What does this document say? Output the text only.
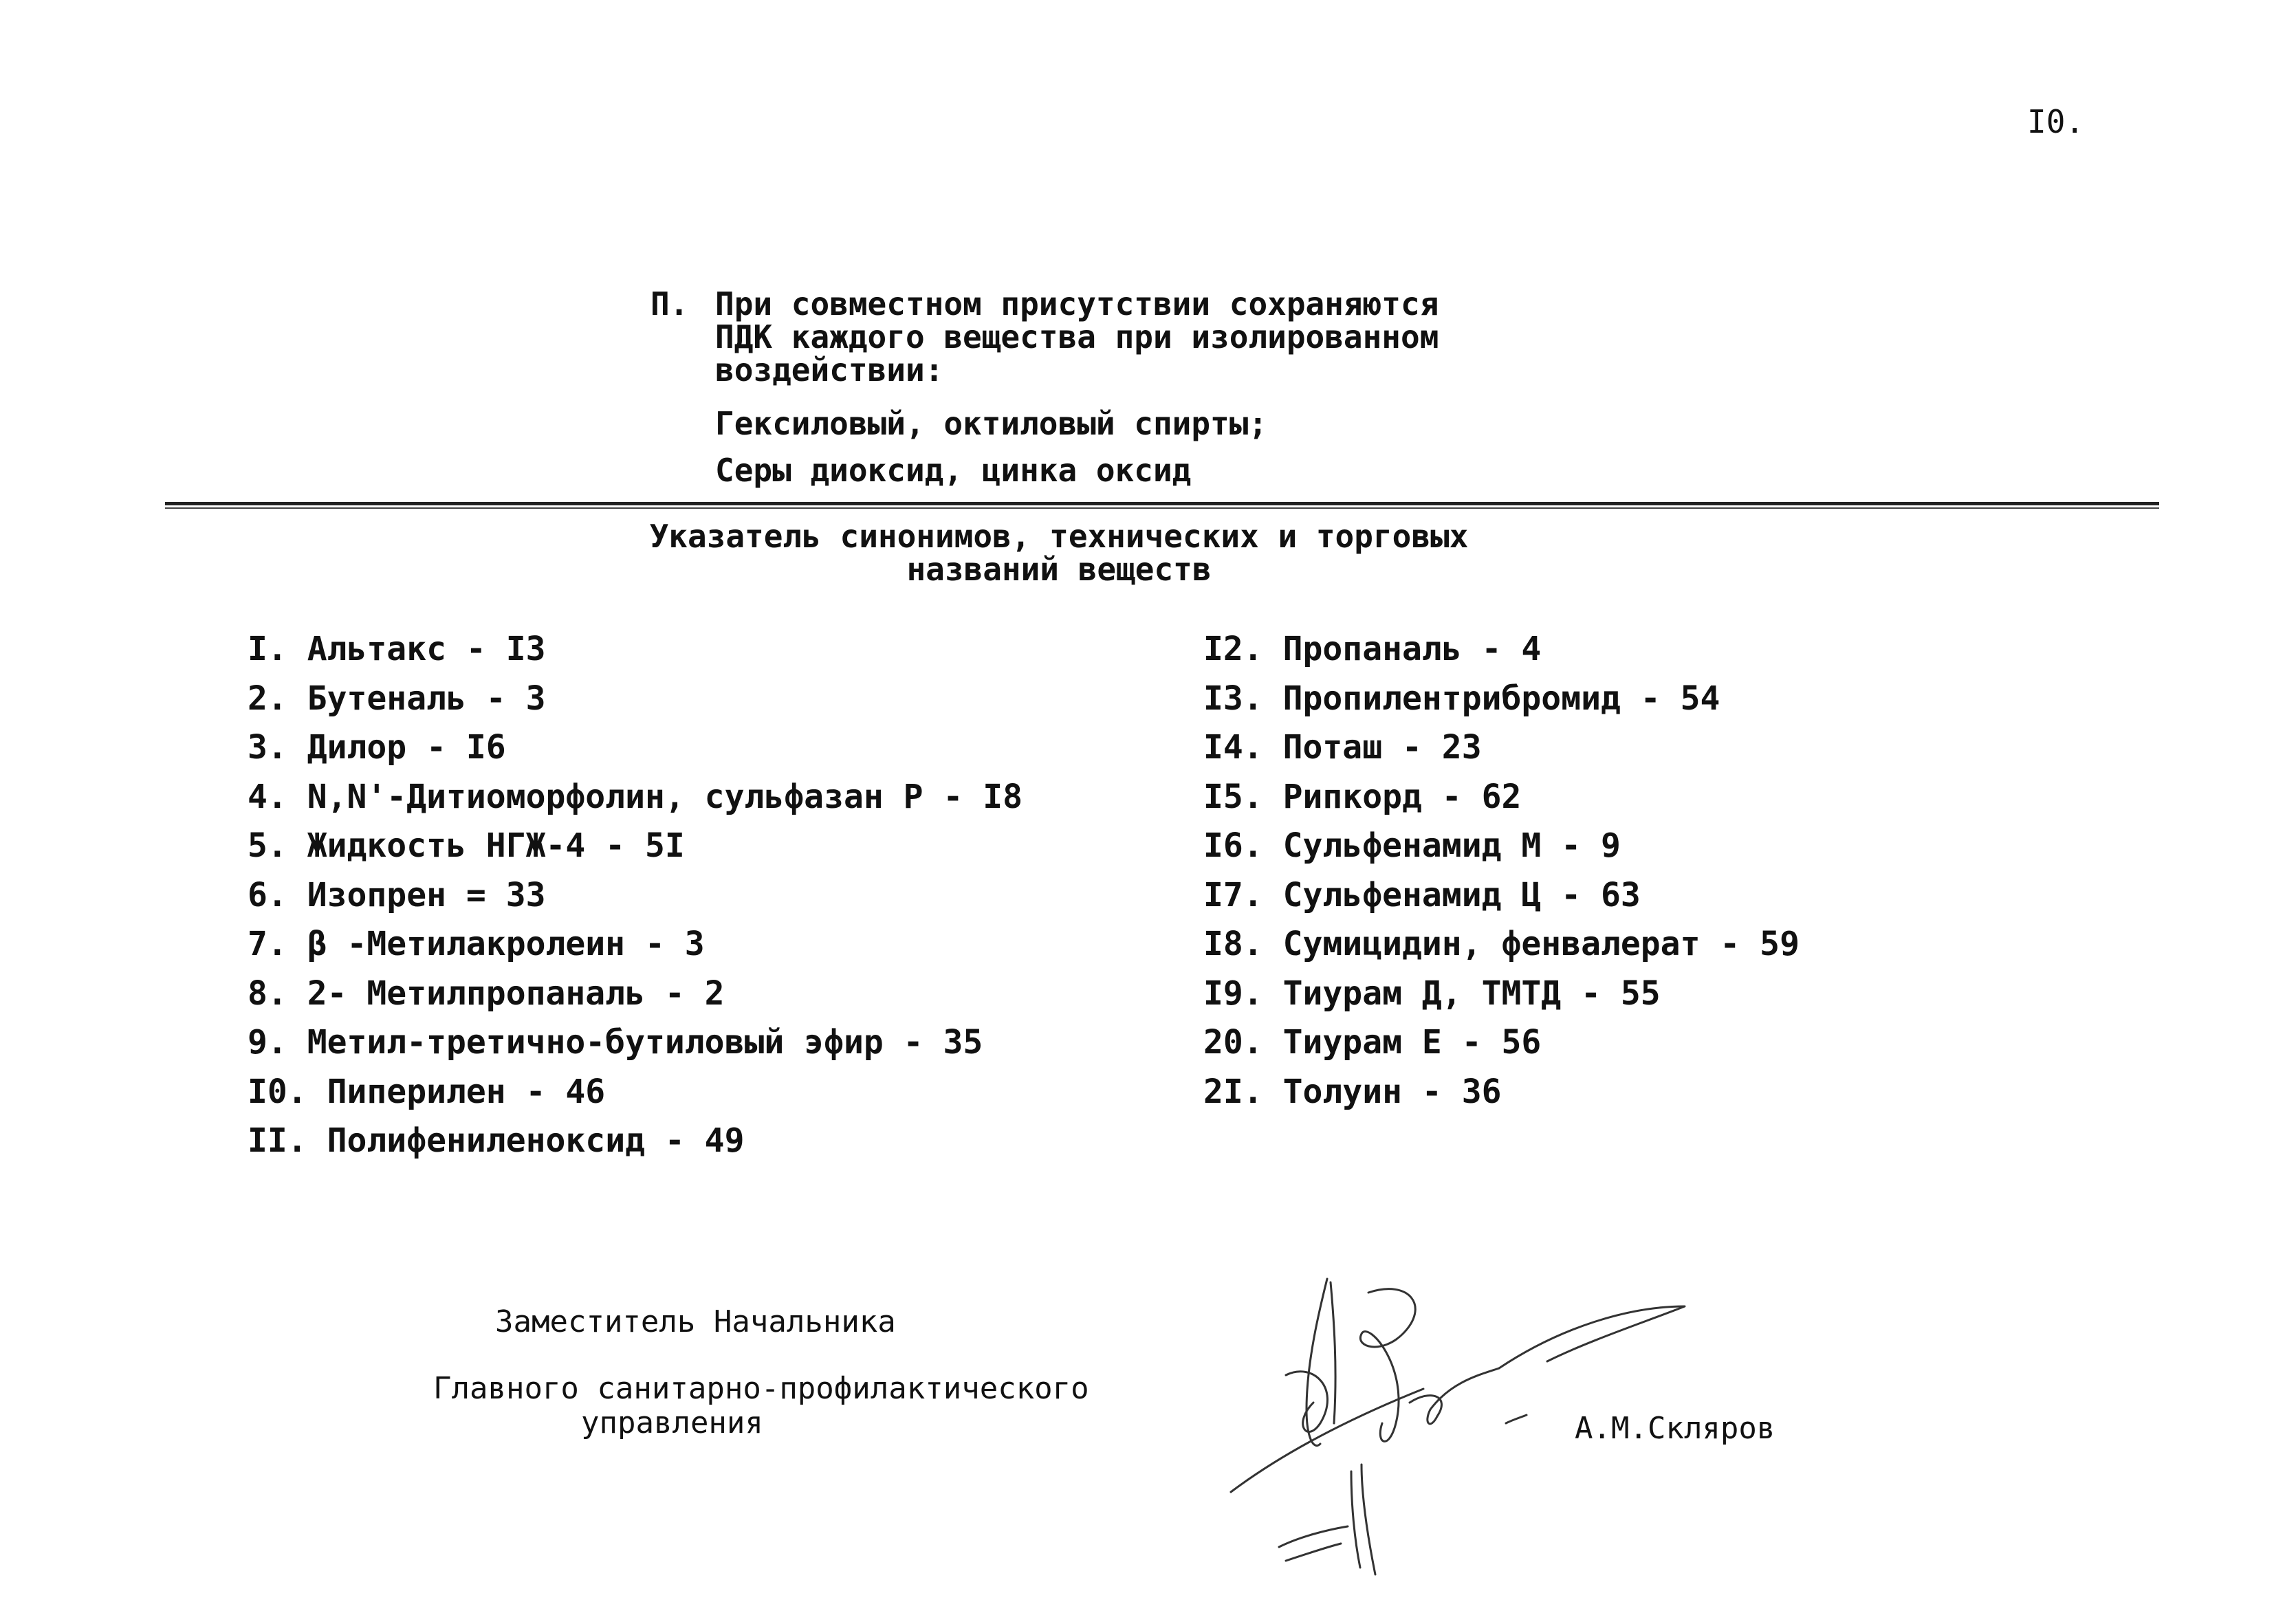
I0.
П. При совместном присутствии сохраняются
ПДК каждого вещества при изолированном
воздействии:
Гексиловый, октиловый спирты;
Серы диоксид, цинка оксид
Указатель синонимов, технических и торговых
названий веществ
I. Альтакс - I3
2. Бутеналь - 3
3. Дилор - I6
4. N,N'-Дитиоморфолин, сульфазан Р - I8
5. Жидкость НГЖ-4 - 5I
6. Изопрен = 33
7. β -Метилакролеин - 3
8. 2- Метилпропаналь - 2
9. Метил-третично-бутиловый эфир - 35
I0. Пиперилен - 46
II. Полифениленоксид - 49
I2. Пропаналь - 4
I3. Пропилентрибромид - 54
I4. Поташ - 23
I5. Рипкорд - 62
I6. Сульфенамид М - 9
I7. Сульфенамид Ц - 63
I8. Сумицидин, фенвалерат - 59
I9. Тиурам Д, ТМТД - 55
20. Тиурам Е - 56
2I. Толуин - 36
Заместитель Начальника
Главного санитарно-профилактического
управления	А.М.Скляров
